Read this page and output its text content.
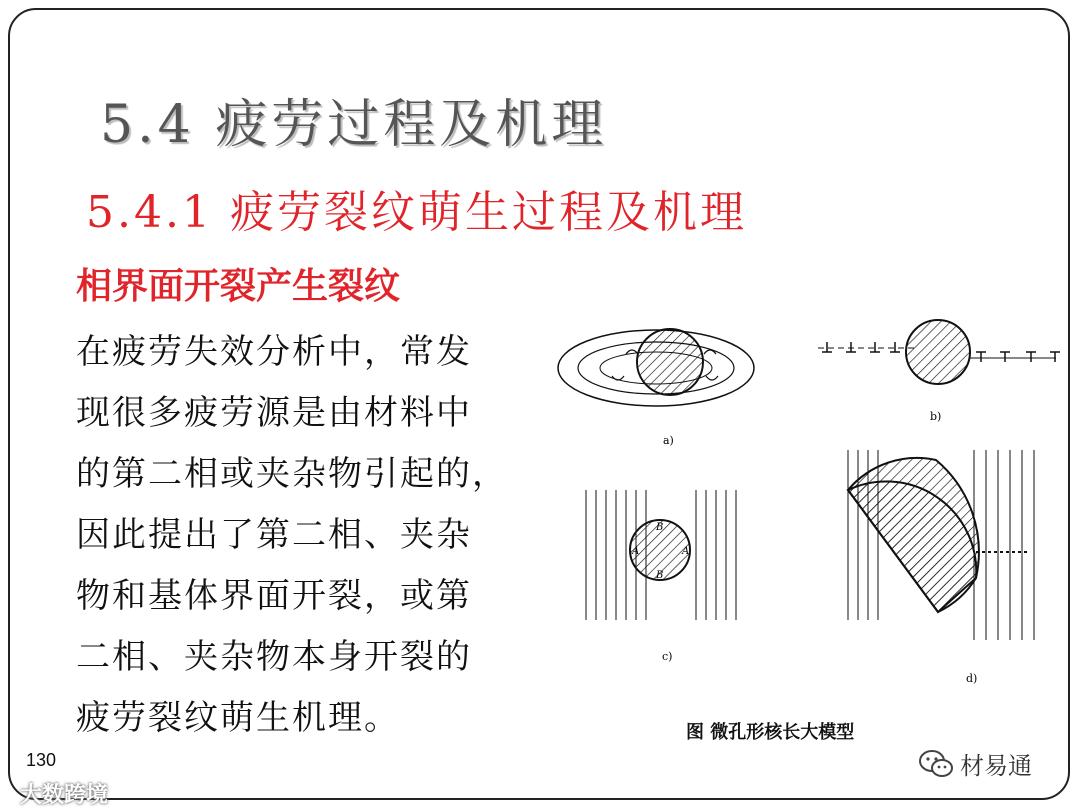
5.4 疲劳过程及机理
5.4.1 疲劳裂纹萌生过程及机理
相界面开裂产生裂纹
在疲劳失效分析中，常发
现很多疲劳源是由材料中
的第二相或夹杂物引起的，
因此提出了第二相、夹杂
物和基体界面开裂，或第
二相、夹杂物本身开裂的
疲劳裂纹萌生机理。
a)
b)
B
B
A	A
c)
d)
图 微孔形核长大模型
130
大数跨境
材易通
